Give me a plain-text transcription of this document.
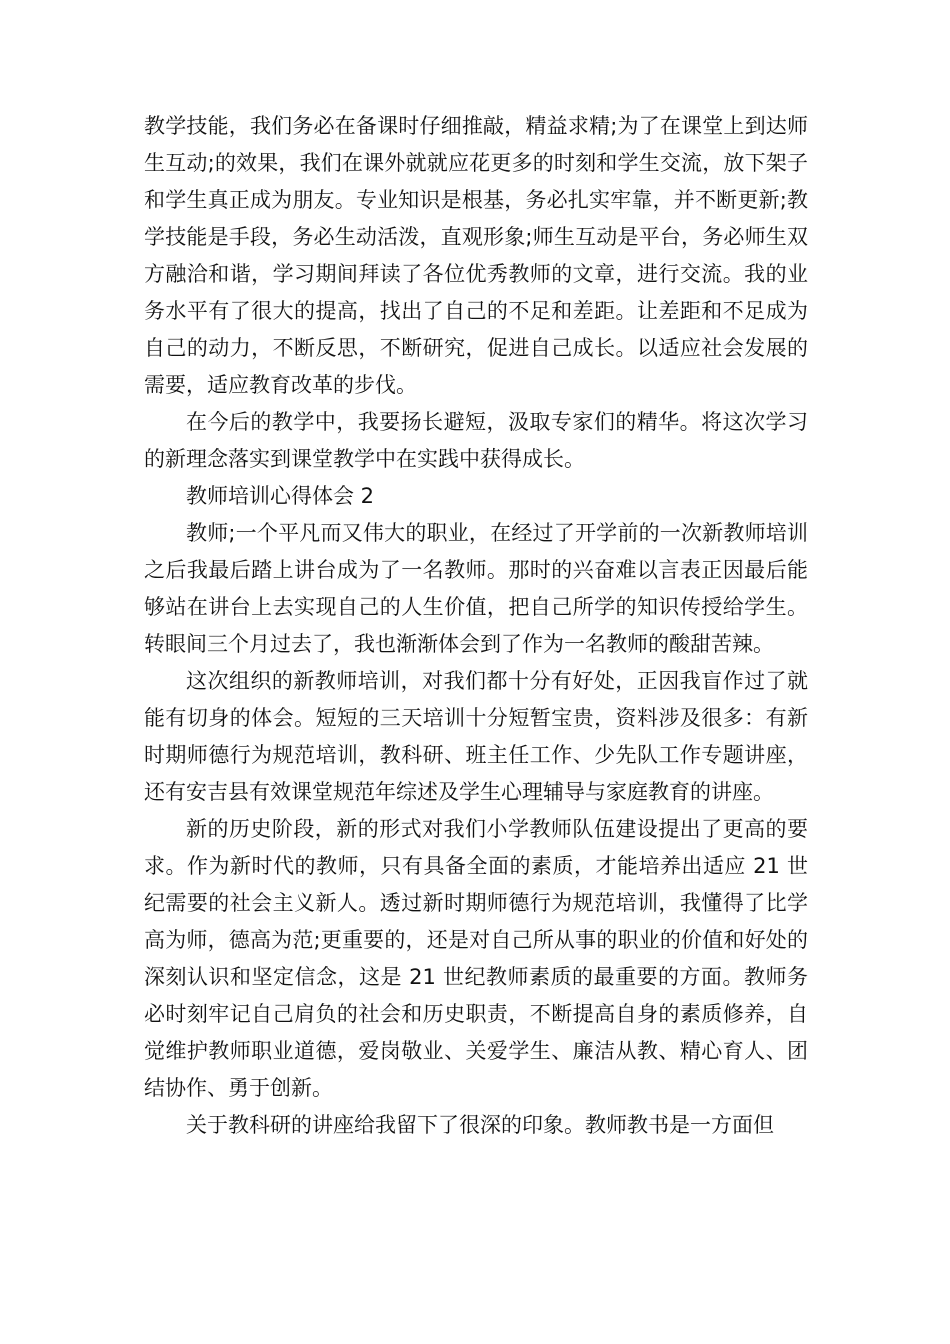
教学技能，我们务必在备课时仔细推敲，精益求精;为了在课堂上到达师生互动;的效果，我们在课外就就应花更多的时刻和学生交流，放下架子和学生真正成为朋友。专业知识是根基，务必扎实牢靠，并不断更新;教学技能是手段，务必生动活泼，直观形象;师生互动是平台，务必师生双方融洽和谐，学习期间拜读了各位优秀教师的文章，进行交流。我的业务水平有了很大的提高，找出了自己的不足和差距。让差距和不足成为自己的动力，不断反思，不断研究，促进自己成长。以适应社会发展的需要，适应教育改革的步伐。

在今后的教学中，我要扬长避短，汲取专家们的精华。将这次学习的新理念落实到课堂教学中在实践中获得成长。

教师培训心得体会 2

教师;一个平凡而又伟大的职业，在经过了开学前的一次新教师培训之后我最后踏上讲台成为了一名教师。那时的兴奋难以言表正因最后能够站在讲台上去实现自己的人生价值，把自己所学的知识传授给学生。转眼间三个月过去了，我也渐渐体会到了作为一名教师的酸甜苦辣。

这次组织的新教师培训，对我们都十分有好处，正因我盲作过了就能有切身的体会。短短的三天培训十分短暂宝贵，资料涉及很多：有新时期师德行为规范培训，教科研、班主任工作、少先队工作专题讲座，还有安吉县有效课堂规范年综述及学生心理辅导与家庭教育的讲座。

新的历史阶段，新的形式对我们小学教师队伍建设提出了更高的要求。作为新时代的教师，只有具备全面的素质，才能培养出适应 21 世纪需要的社会主义新人。透过新时期师德行为规范培训，我懂得了比学高为师，德高为范;更重要的，还是对自己所从事的职业的价值和好处的深刻认识和坚定信念，这是 21 世纪教师素质的最重要的方面。教师务必时刻牢记自己肩负的社会和历史职责，不断提高自身的素质修养，自觉维护教师职业道德，爱岗敬业、关爱学生、廉洁从教、精心育人、团结协作、勇于创新。

关于教科研的讲座给我留下了很深的印象。教师教书是一方面但
